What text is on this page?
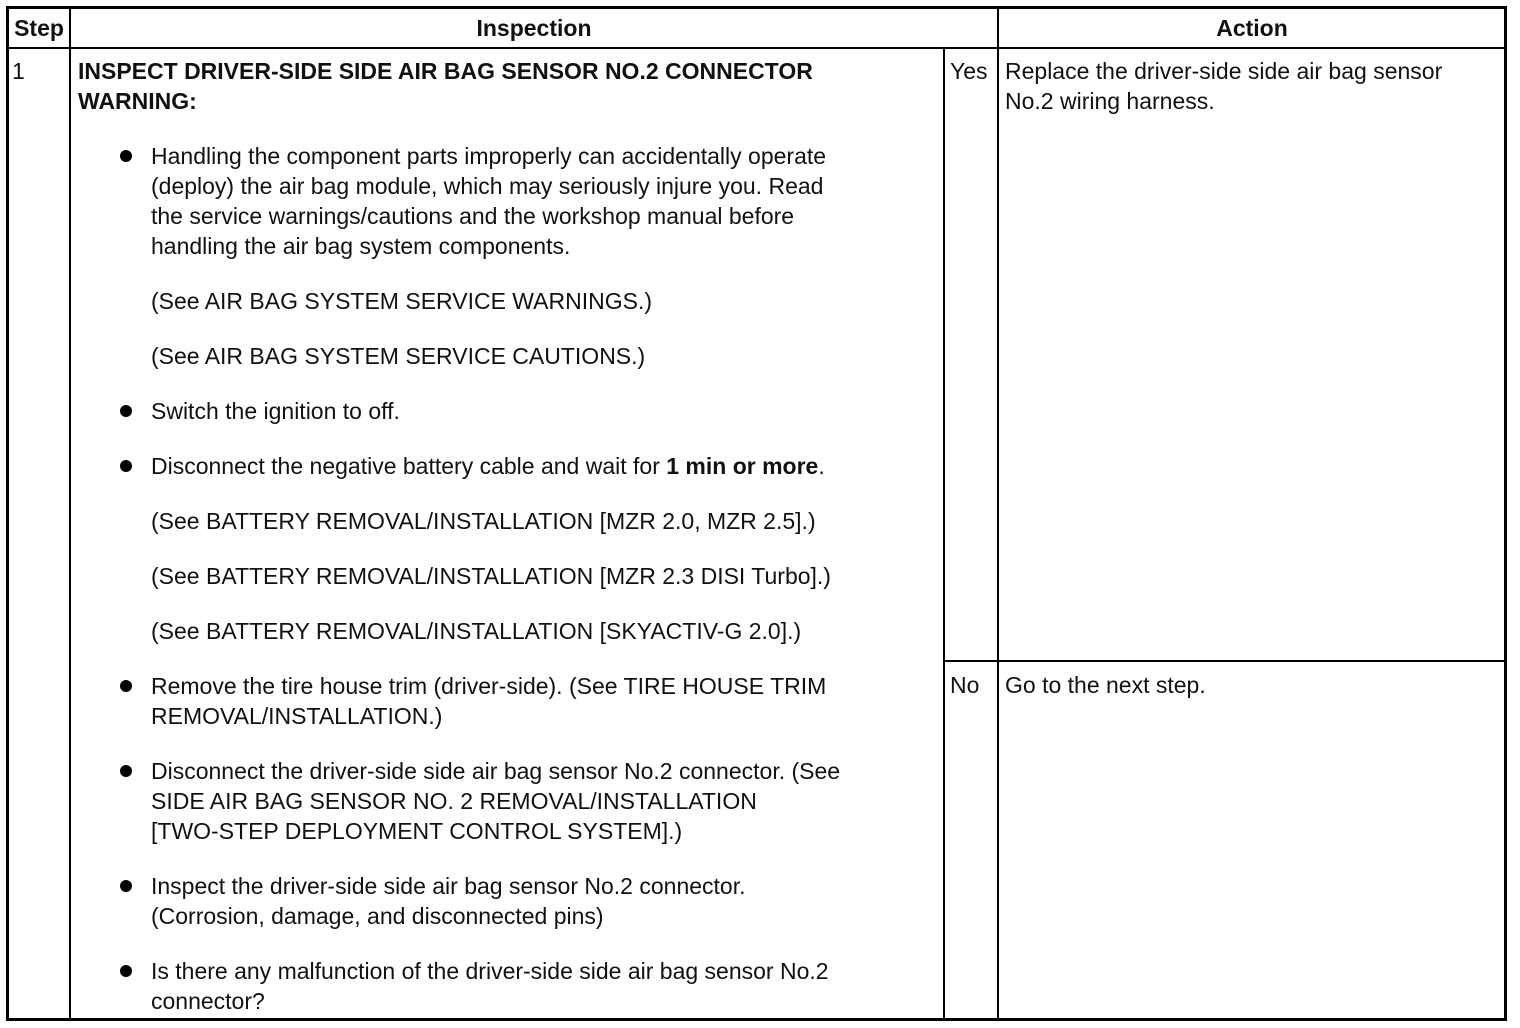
Step	Inspection	Action
1 INSPECT DRIVER-SIDE SIDE AIR BAG SENSOR NO.2 CONNECTOR
WARNING:
Handling the component parts improperly can accidentally operate
(deploy) the air bag module, which may seriously injure you. Read
the service warnings/cautions and the workshop manual before
handling the air bag system components.
(See AIR BAG SYSTEM SERVICE WARNINGS.)
(See AIR BAG SYSTEM SERVICE CAUTIONS.)
Switch the ignition to off.
Disconnect the negative battery cable and wait for 1 min or more.
(See BATTERY REMOVAL/INSTALLATION [MZR 2.0, MZR 2.5].)
(See BATTERY REMOVAL/INSTALLATION [MZR 2.3 DISI Turbo].)
(See BATTERY REMOVAL/INSTALLATION [SKYACTIV-G 2.0].)
Remove the tire house trim (driver-side). (See TIRE HOUSE TRIM
REMOVAL/INSTALLATION.)
Disconnect the driver-side side air bag sensor No.2 connector. (See
SIDE AIR BAG SENSOR NO. 2 REMOVAL/INSTALLATION
[TWO-STEP DEPLOYMENT CONTROL SYSTEM].)
Inspect the driver-side side air bag sensor No.2 connector.
(Corrosion, damage, and disconnected pins)
Is there any malfunction of the driver-side side air bag sensor No.2
connector?
Yes Replace the driver-side side air bag sensor
No.2 wiring harness.
No Go to the next step.
